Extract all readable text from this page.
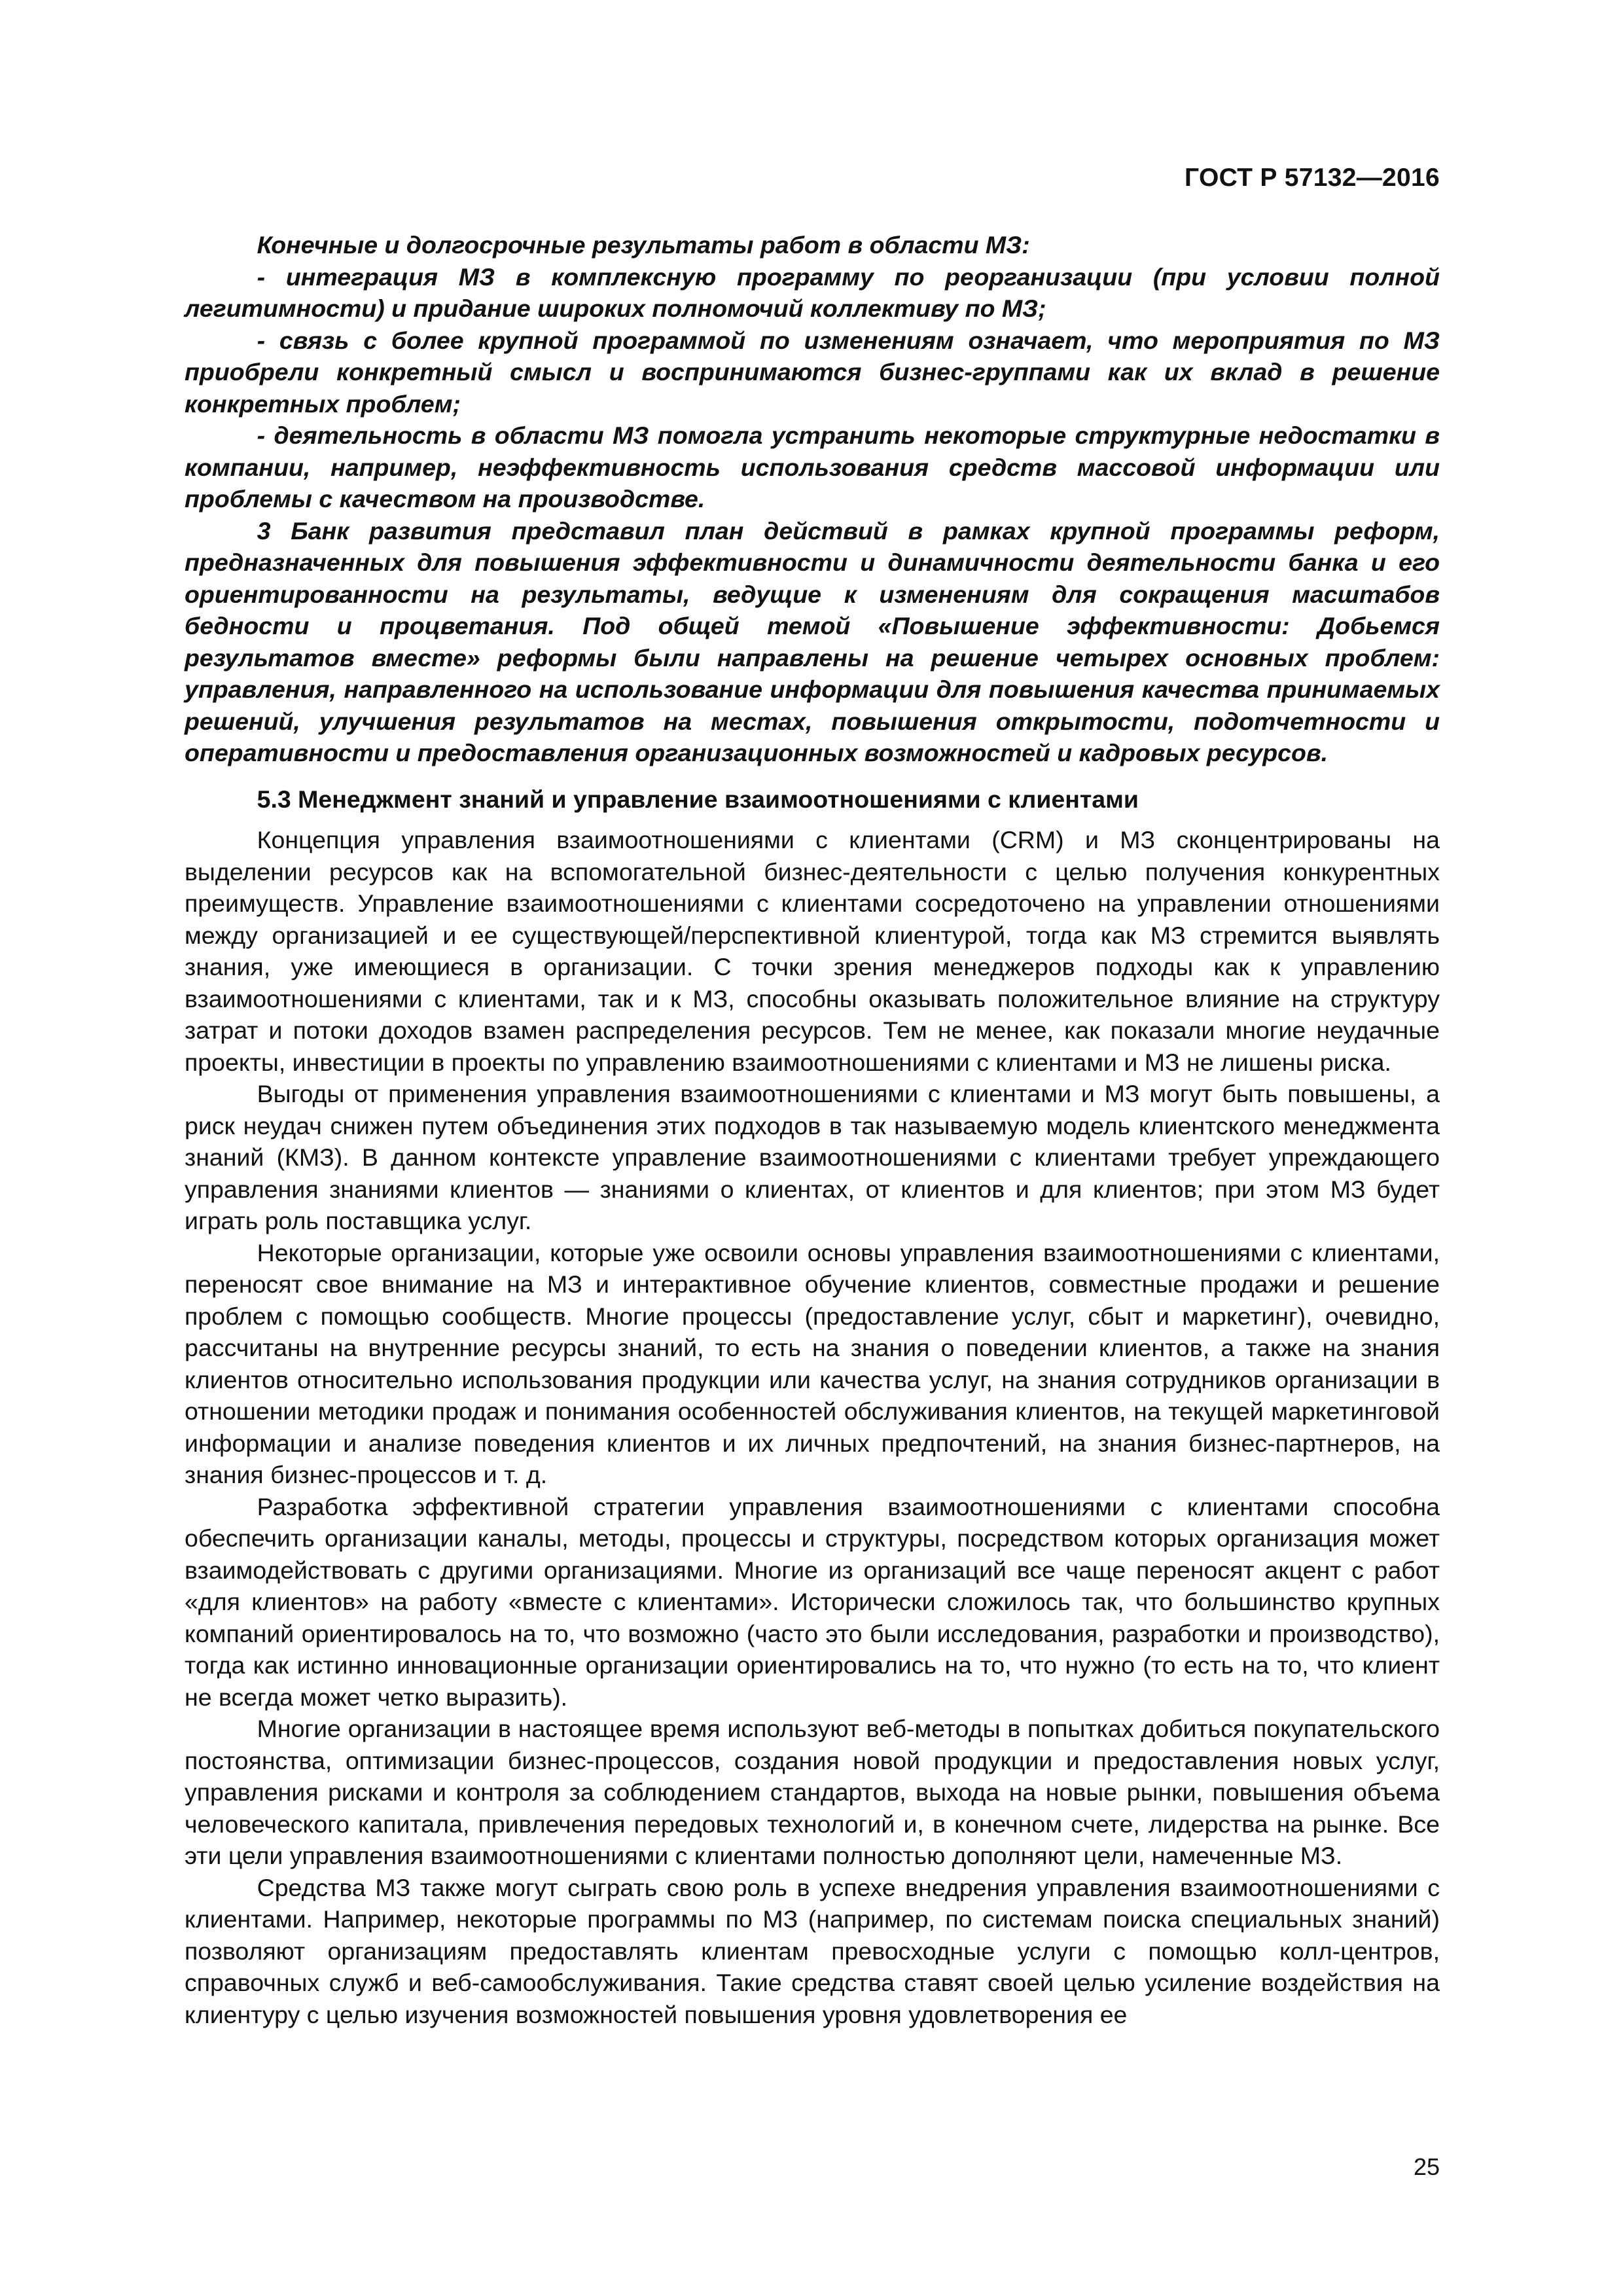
ГОСТ Р 57132—2016

Конечные и долгосрочные результаты работ в области МЗ:

- интеграция МЗ в комплексную программу по реорганизации (при условии полной легитимности) и придание широких полномочий коллективу по МЗ;

- связь с более крупной программой по изменениям означает, что мероприятия по МЗ приобрели конкретный смысл и воспринимаются бизнес-группами как их вклад в решение конкретных проблем;

- деятельность в области МЗ помогла устранить некоторые структурные недостатки в компании, например, неэффективность использования средств массовой информации или проблемы с качеством на производстве.

3 Банк развития представил план действий в рамках крупной программы реформ, предназначенных для повышения эффективности и динамичности деятельности банка и его ориентированности на результаты, ведущие к изменениям для сокращения масштабов бедности и процветания. Под общей темой «Повышение эффективности: Добьемся результатов вместе» реформы были направлены на решение четырех основных проблем: управления, направленного на использование информации для повышения качества принимаемых решений, улучшения результатов на местах, повышения открытости, подотчетности и оперативности и предоставления организационных возможностей и кадровых ресурсов.

5.3 Менеджмент знаний и управление взаимоотношениями с клиентами

Концепция управления взаимоотношениями с клиентами (CRM) и МЗ сконцентрированы на выделении ресурсов как на вспомогательной бизнес-деятельности с целью получения конкурентных преимуществ. Управление взаимоотношениями с клиентами сосредоточено на управлении отношениями между организацией и ее существующей/перспективной клиентурой, тогда как МЗ стремится выявлять знания, уже имеющиеся в организации. С точки зрения менеджеров подходы как к управлению взаимоотношениями с клиентами, так и к МЗ, способны оказывать положительное влияние на структуру затрат и потоки доходов взамен распределения ресурсов. Тем не менее, как показали многие неудачные проекты, инвестиции в проекты по управлению взаимоотношениями с клиентами и МЗ не лишены риска.

Выгоды от применения управления взаимоотношениями с клиентами и МЗ могут быть повышены, а риск неудач снижен путем объединения этих подходов в так называемую модель клиентского менеджмента знаний (КМЗ). В данном контексте управление взаимоотношениями с клиентами требует упреждающего управления знаниями клиентов — знаниями о клиентах, от клиентов и для клиентов; при этом МЗ будет играть роль поставщика услуг.

Некоторые организации, которые уже освоили основы управления взаимоотношениями с клиентами, переносят свое внимание на МЗ и интерактивное обучение клиентов, совместные продажи и решение проблем с помощью сообществ. Многие процессы (предоставление услуг, сбыт и маркетинг), очевидно, рассчитаны на внутренние ресурсы знаний, то есть на знания о поведении клиентов, а также на знания клиентов относительно использования продукции или качества услуг, на знания сотрудников организации в отношении методики продаж и понимания особенностей обслуживания клиентов, на текущей маркетинговой информации и анализе поведения клиентов и их личных предпочтений, на знания бизнес-партнеров, на знания бизнес-процессов и т. д.

Разработка эффективной стратегии управления взаимоотношениями с клиентами способна обеспечить организации каналы, методы, процессы и структуры, посредством которых организация может взаимодействовать с другими организациями. Многие из организаций все чаще переносят акцент с работ «для клиентов» на работу «вместе с клиентами». Исторически сложилось так, что большинство крупных компаний ориентировалось на то, что возможно (часто это были исследования, разработки и производство), тогда как истинно инновационные организации ориентировались на то, что нужно (то есть на то, что клиент не всегда может четко выразить).

Многие организации в настоящее время используют веб-методы в попытках добиться покупательского постоянства, оптимизации бизнес-процессов, создания новой продукции и предоставления новых услуг, управления рисками и контроля за соблюдением стандартов, выхода на новые рынки, повышения объема человеческого капитала, привлечения передовых технологий и, в конечном счете, лидерства на рынке. Все эти цели управления взаимоотношениями с клиентами полностью дополняют цели, намеченные МЗ.

Средства МЗ также могут сыграть свою роль в успехе внедрения управления взаимоотношениями с клиентами. Например, некоторые программы по МЗ (например, по системам поиска специальных знаний) позволяют организациям предоставлять клиентам превосходные услуги с помощью колл-центров, справочных служб и веб-самообслуживания. Такие средства ставят своей целью усиление воздействия на клиентуру с целью изучения возможностей повышения уровня удовлетворения ее

25
